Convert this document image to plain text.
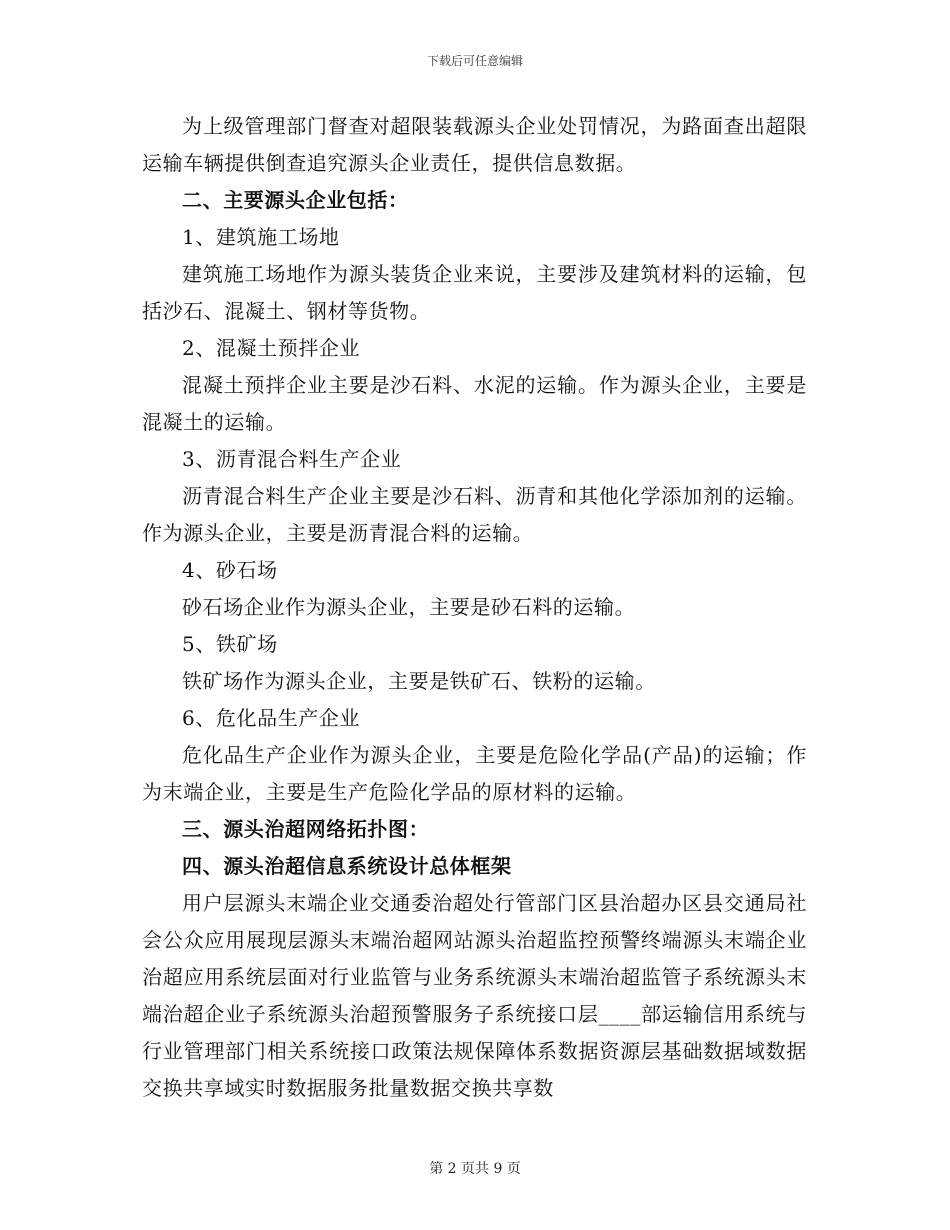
下载后可任意编辑

为上级管理部门督查对超限装载源头企业处罚情况，为路面查出超限运输车辆提供倒查追究源头企业责任，提供信息数据。

二、主要源头企业包括：

1、建筑施工场地

建筑施工场地作为源头装货企业来说，主要涉及建筑材料的运输，包括沙石、混凝土、钢材等货物。

2、混凝土预拌企业

混凝土预拌企业主要是沙石料、水泥的运输。作为源头企业，主要是混凝土的运输。

3、沥青混合料生产企业

沥青混合料生产企业主要是沙石料、沥青和其他化学添加剂的运输。作为源头企业，主要是沥青混合料的运输。

4、砂石场

砂石场企业作为源头企业，主要是砂石料的运输。

5、铁矿场

铁矿场作为源头企业，主要是铁矿石、铁粉的运输。

6、危化品生产企业

危化品生产企业作为源头企业，主要是危险化学品(产品)的运输；作为末端企业，主要是生产危险化学品的原材料的运输。

三、源头治超网络拓扑图：

四、源头治超信息系统设计总体框架

用户层源头末端企业交通委治超处行管部门区县治超办区县交通局社会公众应用展现层源头末端治超网站源头治超监控预警终端源头末端企业治超应用系统层面对行业监管与业务系统源头末端治超监管子系统源头末端治超企业子系统源头治超预警服务子系统接口层____部运输信用系统与行业管理部门相关系统接口政策法规保障体系数据资源层基础数据域数据交换共享域实时数据服务批量数据交换共享数

第 2 页共 9 页
